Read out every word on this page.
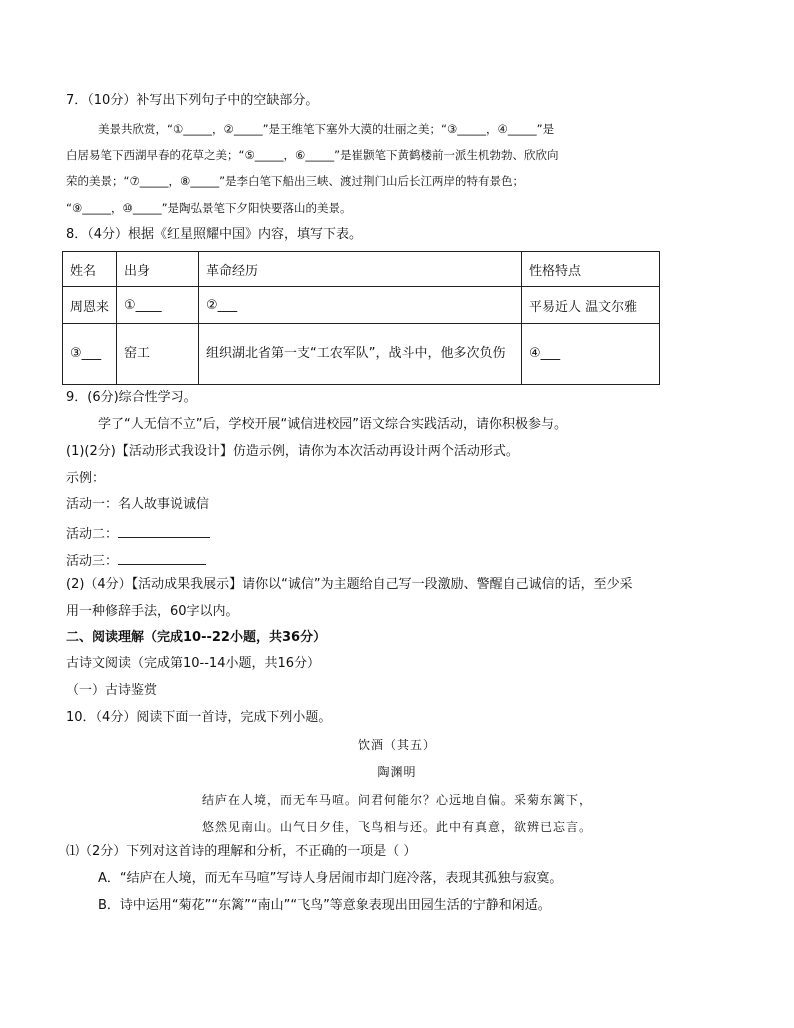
7．（10分）补写出下列句子中的空缺部分。
美景共欣赏，“①_____，②_____”是王维笔下塞外大漠的壮丽之美；“③_____，④_____”是
白居易笔下西湖早春的花草之美；“⑤_____，⑥_____”是崔颢笔下黄鹤楼前一派生机勃勃、欣欣向
荣的美景；“⑦_____，⑧_____”是李白笔下船出三峡、渡过荆门山后长江两岸的特有景色；
“⑨_____，⑩_____”是陶弘景笔下夕阳快要落山的美景。
8．（4分）根据《红星照耀中国》内容，填写下表。
姓名	出身	革命经历	性格特点
周恩来	①____	②___	平易近人 温文尔雅
③___	窑工	组织湖北省第一支“工农军队”，战斗中，他多次负伤	④___
9．(6分)综合性学习。
学了“人无信不立”后，学校开展“诚信进校园”语文综合实践活动，请你积极参与。
(1)(2分)【活动形式我设计】仿造示例，请你为本次活动再设计两个活动形式。
示例：
活动一：名人故事说诚信
活动二：
活动三：
(2)（4分）【活动成果我展示】请你以“诚信”为主题给自己写一段激励、警醒自己诚信的话，至少采
用一种修辞手法，60字以内。
二、阅读理解（完成10--22小题，共36分）
古诗文阅读（完成第10--14小题，共16分）
（一）古诗鉴赏
10．（4分）阅读下面一首诗，完成下列小题。
饮酒（其五）
陶渊明
结庐在人境，而无车马喧。问君何能尔？心远地自偏。采菊东篱下，
悠然见南山。山气日夕佳，飞鸟相与还。此中有真意，欲辨已忘言。
⑴（2分）下列对这首诗的理解和分析，不正确的一项是（ ）
A．“结庐在人境，而无车马喧”写诗人身居闹市却门庭冷落，表现其孤独与寂寞。
B．诗中运用“菊花”“东篱”“南山”“飞鸟”等意象表现出田园生活的宁静和闲适。
